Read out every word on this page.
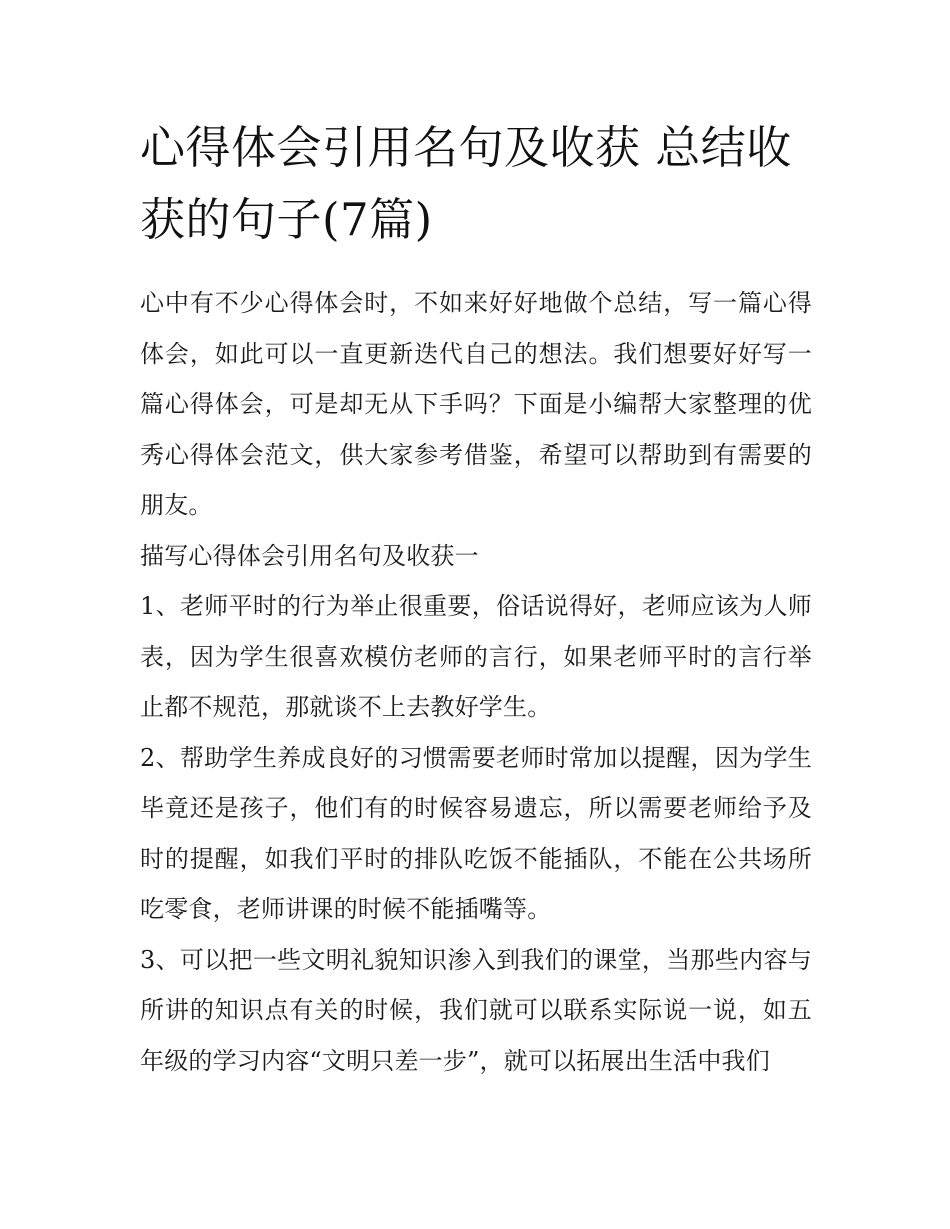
心得体会引用名句及收获 总结收获的句子(7篇)

心中有不少心得体会时，不如来好好地做个总结，写一篇心得体会，如此可以一直更新迭代自己的想法。我们想要好好写一篇心得体会，可是却无从下手吗？下面是小编帮大家整理的优秀心得体会范文，供大家参考借鉴，希望可以帮助到有需要的朋友。

描写心得体会引用名句及收获一

1、老师平时的行为举止很重要，俗话说得好，老师应该为人师表，因为学生很喜欢模仿老师的言行，如果老师平时的言行举止都不规范，那就谈不上去教好学生。

2、帮助学生养成良好的习惯需要老师时常加以提醒，因为学生毕竟还是孩子，他们有的时候容易遗忘，所以需要老师给予及时的提醒，如我们平时的排队吃饭不能插队，不能在公共场所吃零食，老师讲课的时候不能插嘴等。

3、可以把一些文明礼貌知识渗入到我们的课堂，当那些内容与所讲的知识点有关的时候，我们就可以联系实际说一说，如五年级的学习内容“文明只差一步”，就可以拓展出生活中我们
